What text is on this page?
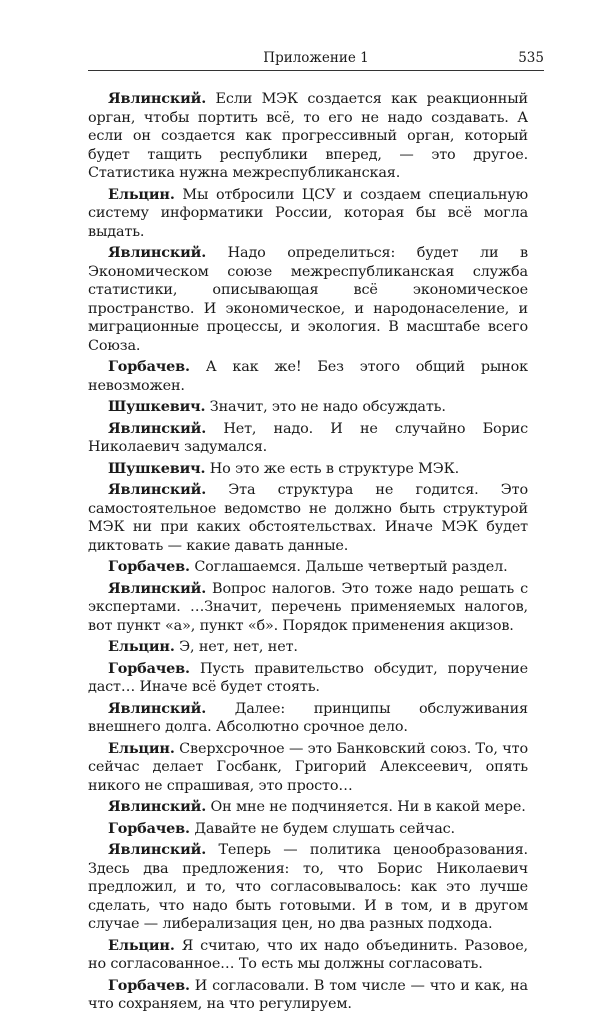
Приложение 1	535

Явлинский. Если МЭК создается как реакционный орган, чтобы портить всё, то его не надо создавать. А если он создается как прогрессивный орган, который будет тащить республики вперед, — это другое. Статистика нужна межреспубликанская.

Ельцин. Мы отбросили ЦСУ и создаем специальную систему информатики России, которая бы всё могла выдать.

Явлинский. Надо определиться: будет ли в Экономическом союзе межреспубликанская служба статистики, описывающая всё экономическое пространство. И экономическое, и народонаселение, и миграционные процессы, и экология. В масштабе всего Союза.

Горбачев. А как же! Без этого общий рынок невозможен.

Шушкевич. Значит, это не надо обсуждать.

Явлинский. Нет, надо. И не случайно Борис Николаевич задумался.

Шушкевич. Но это же есть в структуре МЭК.

Явлинский. Эта структура не годится. Это самостоятельное ведомство не должно быть структурой МЭК ни при каких обстоятельствах. Иначе МЭК будет диктовать — какие давать данные.

Горбачев. Соглашаемся. Дальше четвертый раздел.

Явлинский. Вопрос налогов. Это тоже надо решать с экспертами. …Значит, перечень применяемых налогов, вот пункт «а», пункт «б». Порядок применения акцизов.

Ельцин. Э, нет, нет, нет.

Горбачев. Пусть правительство обсудит, поручение даст… Иначе всё будет стоять.

Явлинский. Далее: принципы обслуживания внешнего долга. Абсолютно срочное дело.

Ельцин. Сверхсрочное — это Банковский союз. То, что сейчас делает Госбанк, Григорий Алексеевич, опять никого не спрашивая, это просто…

Явлинский. Он мне не подчиняется. Ни в какой мере.

Горбачев. Давайте не будем слушать сейчас.

Явлинский. Теперь — политика ценообразования. Здесь два предложения: то, что Борис Николаевич предложил, и то, что согласовывалось: как это лучше сделать, что надо быть готовыми. И в том, и в другом случае — либерализация цен, но два разных подхода.

Ельцин. Я считаю, что их надо объединить. Разовое, но согласованное… То есть мы должны согласовать.

Горбачев. И согласовали. В том числе — что и как, на что сохраняем, на что регулируем.
